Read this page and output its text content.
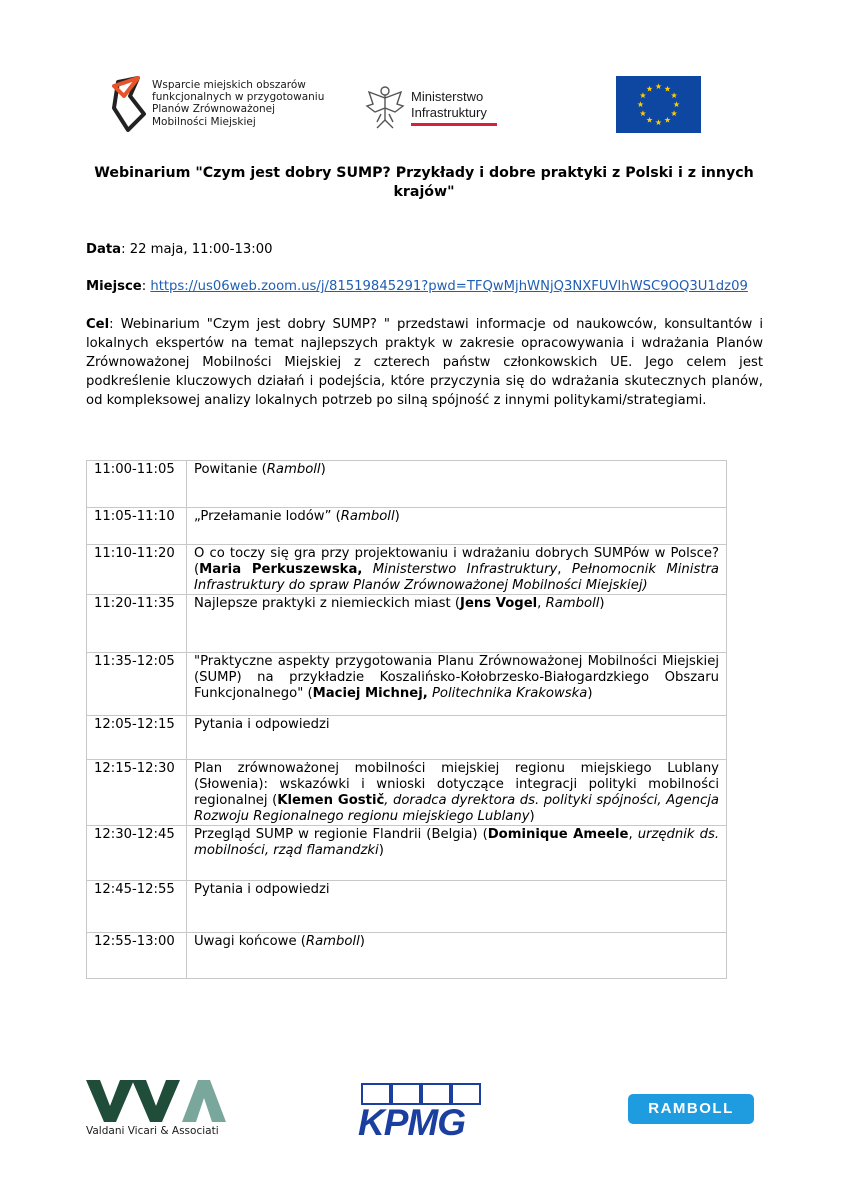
Wsparcie miejskich obszarów
funkcjonalnych w przygotowaniu
Planów Zrównoważonej
Mobilności Miejskiej
Ministerstwo
Infrastruktury
Webinarium "Czym jest dobry SUMP? Przykłady i dobre praktyki z Polski i z innych krajów"
Data: 22 maja, 11:00-13:00
Miejsce: https://us06web.zoom.us/j/81519845291?pwd=TFQwMjhWNjQ3NXFUVlhWSC9OQ3U1dz09
Cel: Webinarium "Czym jest dobry SUMP? " przedstawi informacje od naukowców, konsultantów i lokalnych ekspertów na temat najlepszych praktyk w zakresie opracowywania i wdrażania Planów Zrównoważonej Mobilności Miejskiej z czterech państw członkowskich UE. Jego celem jest podkreślenie kluczowych działań i podejścia, które przyczynia się do wdrażania skutecznych planów, od kompleksowej analizy lokalnych potrzeb po silną spójność z innymi politykami/strategiami.
11:00-11:05	Powitanie (Ramboll)
11:05-11:10	„Przełamanie lodów” (Ramboll)
11:10-11:20	O co toczy się gra przy projektowaniu i wdrażaniu dobrych SUMPów w Polsce? (Maria Perkuszewska, Ministerstwo Infrastruktury, Pełnomocnik Ministra Infrastruktury do spraw Planów Zrównoważonej Mobilności Miejskiej)
11:20-11:35	Najlepsze praktyki z niemieckich miast (Jens Vogel, Ramboll)
11:35-12:05	"Praktyczne aspekty przygotowania Planu Zrównoważonej Mobilności Miejskiej (SUMP) na przykładzie Koszalińsko-Kołobrzesko-Białogardzkiego Obszaru Funkcjonalnego" (Maciej Michnej, Politechnika Krakowska)
12:05-12:15	Pytania i odpowiedzi
12:15-12:30	Plan zrównoważonej mobilności miejskiej regionu miejskiego Lublany (Słowenia): wskazówki i wnioski dotyczące integracji polityki mobilności regionalnej (Klemen Gostič, doradca dyrektora ds. polityki spójności, Agencja Rozwoju Regionalnego regionu miejskiego Lublany)
12:30-12:45	Przegląd SUMP w regionie Flandrii (Belgia) (Dominique Ameele, urzędnik ds. mobilności, rząd flamandzki)
12:45-12:55	Pytania i odpowiedzi
12:55-13:00	Uwagi końcowe (Ramboll)
Valdani Vicari & Associati	KPMG	RAMBOLL
